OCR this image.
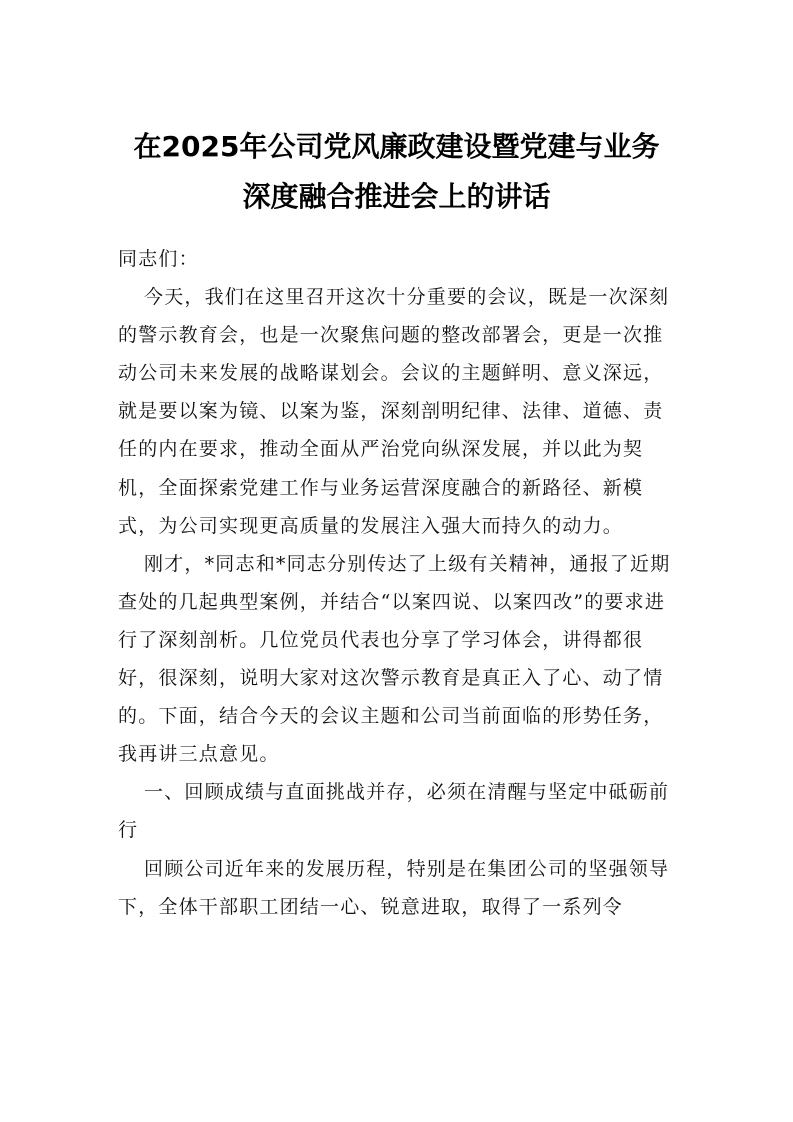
在2025年公司党风廉政建设暨党建与业务
深度融合推进会上的讲话

同志们：

今天，我们在这里召开这次十分重要的会议，既是一次深刻的警示教育会，也是一次聚焦问题的整改部署会，更是一次推动公司未来发展的战略谋划会。会议的主题鲜明、意义深远，就是要以案为镜、以案为鉴，深刻剖明纪律、法律、道德、责任的内在要求，推动全面从严治党向纵深发展，并以此为契机，全面探索党建工作与业务运营深度融合的新路径、新模式，为公司实现更高质量的发展注入强大而持久的动力。

刚才，*同志和*同志分别传达了上级有关精神，通报了近期查处的几起典型案例，并结合“以案四说、以案四改”的要求进行了深刻剖析。几位党员代表也分享了学习体会，讲得都很好，很深刻，说明大家对这次警示教育是真正入了心、动了情的。下面，结合今天的会议主题和公司当前面临的形势任务，我再讲三点意见。

一、回顾成绩与直面挑战并存，必须在清醒与坚定中砥砺前行

回顾公司近年来的发展历程，特别是在集团公司的坚强领导下，全体干部职工团结一心、锐意进取，取得了一系列令
